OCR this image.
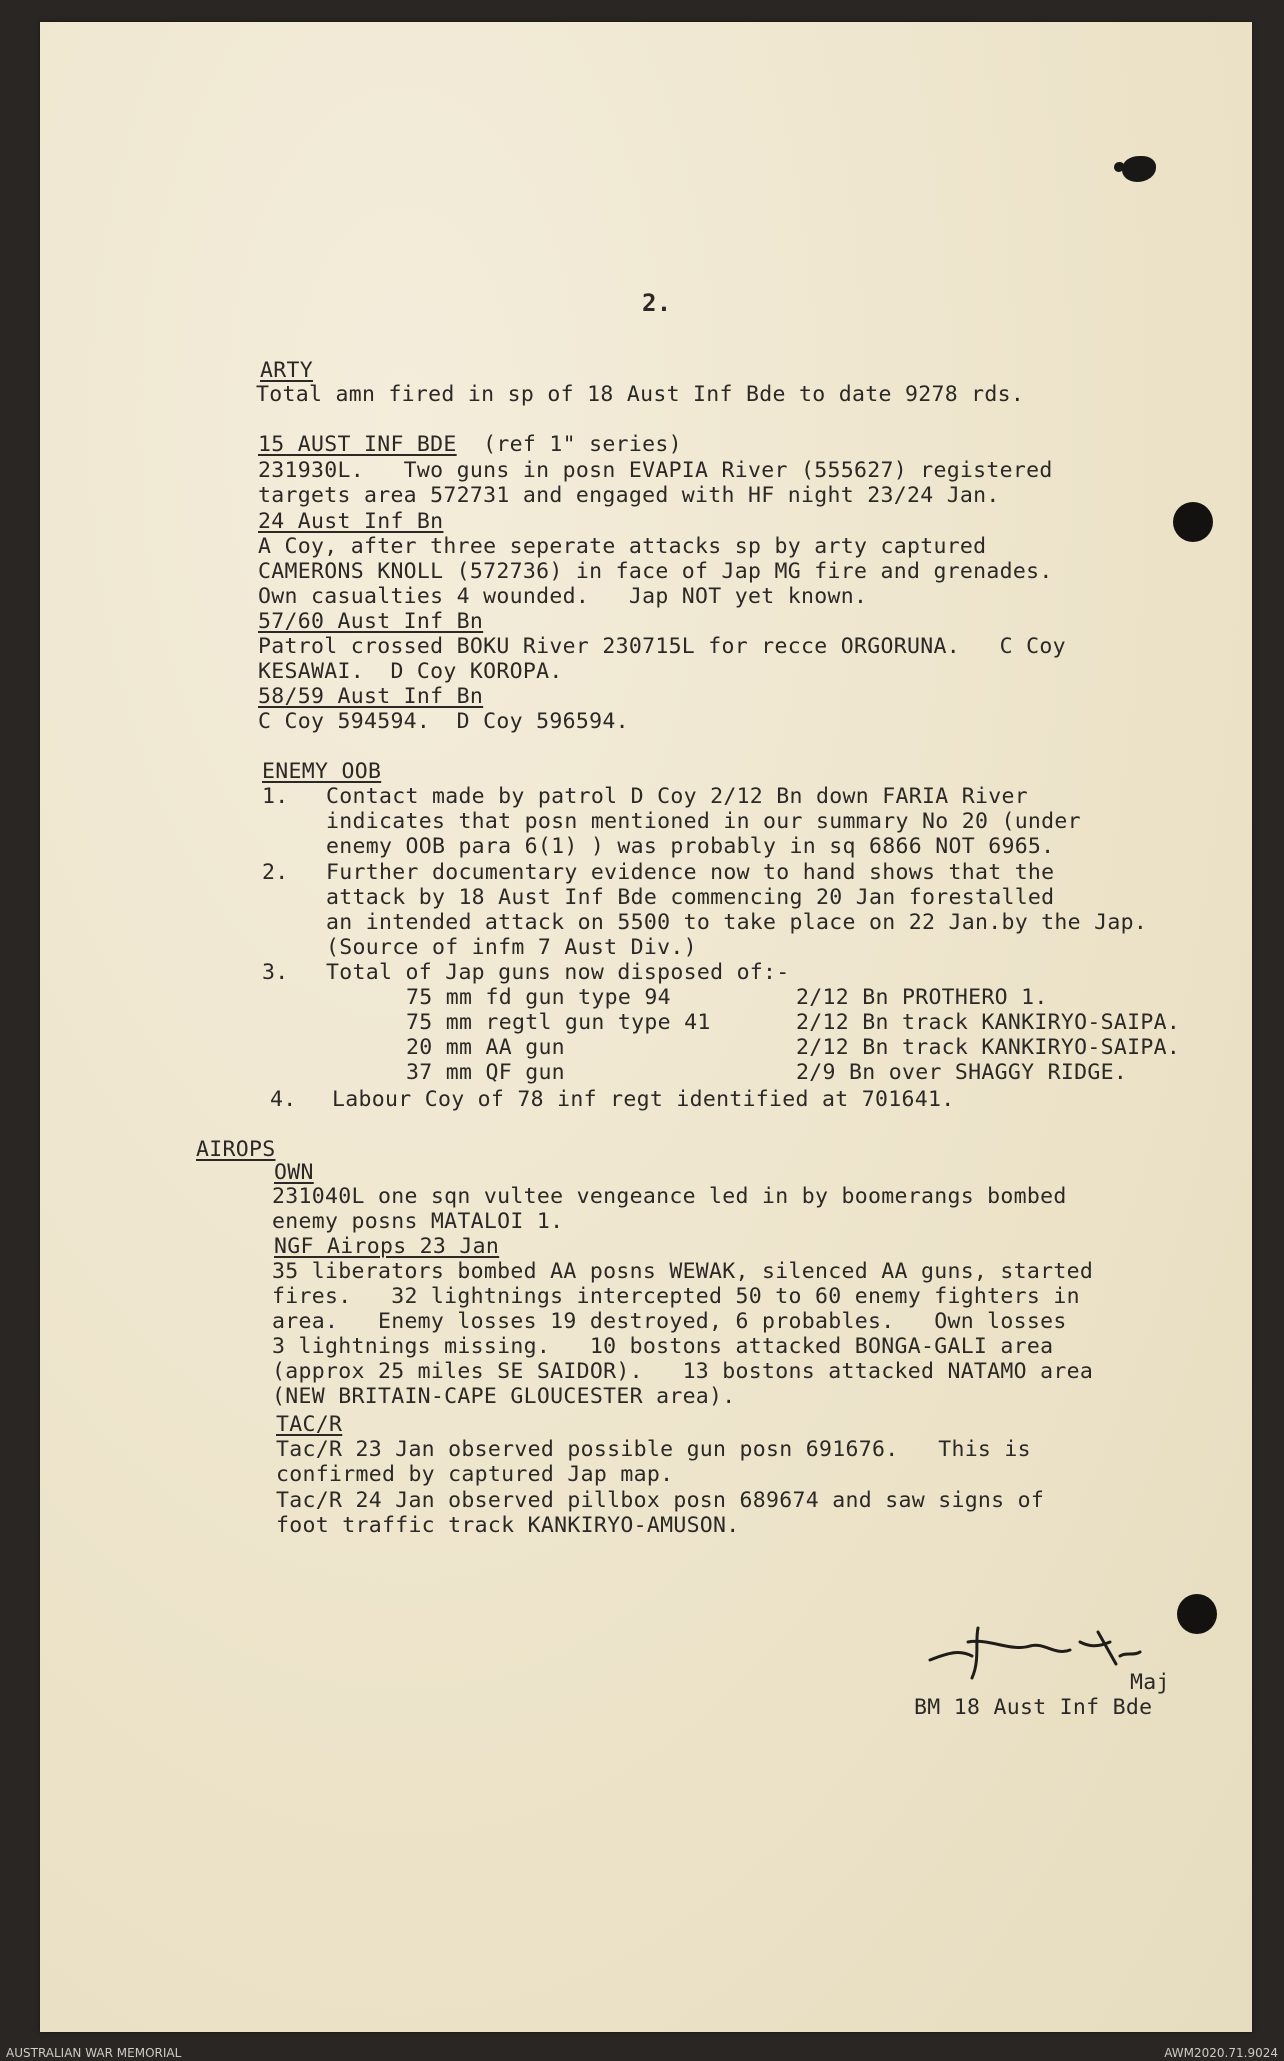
2.
ARTY
Total amn fired in sp of 18 Aust Inf Bde to date 9278 rds.
15 AUST INF BDE  (ref 1" series)
231930L.   Two guns in posn EVAPIA River (555627) registered
targets area 572731 and engaged with HF night 23/24 Jan.
24 Aust Inf Bn
A Coy, after three seperate attacks sp by arty captured
CAMERONS KNOLL (572736) in face of Jap MG fire and grenades.
Own casualties 4 wounded.   Jap NOT yet known.
57/60 Aust Inf Bn
Patrol crossed BOKU River 230715L for recce ORGORUNA.   C Coy
KESAWAI.  D Coy KOROPA.
58/59 Aust Inf Bn
C Coy 594594.  D Coy 596594.
ENEMY OOB
1. Contact made by patrol D Coy 2/12 Bn down FARIA River
indicates that posn mentioned in our summary No 20 (under
enemy OOB para 6(1) ) was probably in sq 6866 NOT 6965.
2. Further documentary evidence now to hand shows that the
attack by 18 Aust Inf Bde commencing 20 Jan forestalled
an intended attack on 5500 to take place on 22 Jan.by the Jap.
(Source of infm 7 Aust Div.)
3. Total of Jap guns now disposed of:-
75 mm fd gun type 94	2/12 Bn PROTHERO 1.
75 mm regtl gun type 41	2/12 Bn track KANKIRYO-SAIPA.
20 mm AA gun	2/12 Bn track KANKIRYO-SAIPA.
37 mm QF gun	2/9 Bn over SHAGGY RIDGE.
4. Labour Coy of 78 inf regt identified at 701641.
AIROPS
OWN
231040L one sqn vultee vengeance led in by boomerangs bombed
enemy posns MATALOI 1.
NGF Airops 23 Jan
35 liberators bombed AA posns WEWAK, silenced AA guns, started
fires.   32 lightnings intercepted 50 to 60 enemy fighters in
area.   Enemy losses 19 destroyed, 6 probables.   Own losses
3 lightnings missing.   10 bostons attacked BONGA-GALI area
(approx 25 miles SE SAIDOR).   13 bostons attacked NATAMO area
(NEW BRITAIN-CAPE GLOUCESTER area).
TAC/R
Tac/R 23 Jan observed possible gun posn 691676.   This is
confirmed by captured Jap map.
Tac/R 24 Jan observed pillbox posn 689674 and saw signs of
foot traffic track KANKIRYO-AMUSON.
Maj
BM 18 Aust Inf Bde
AUSTRALIAN WAR MEMORIAL	AWM2020.71.9024
